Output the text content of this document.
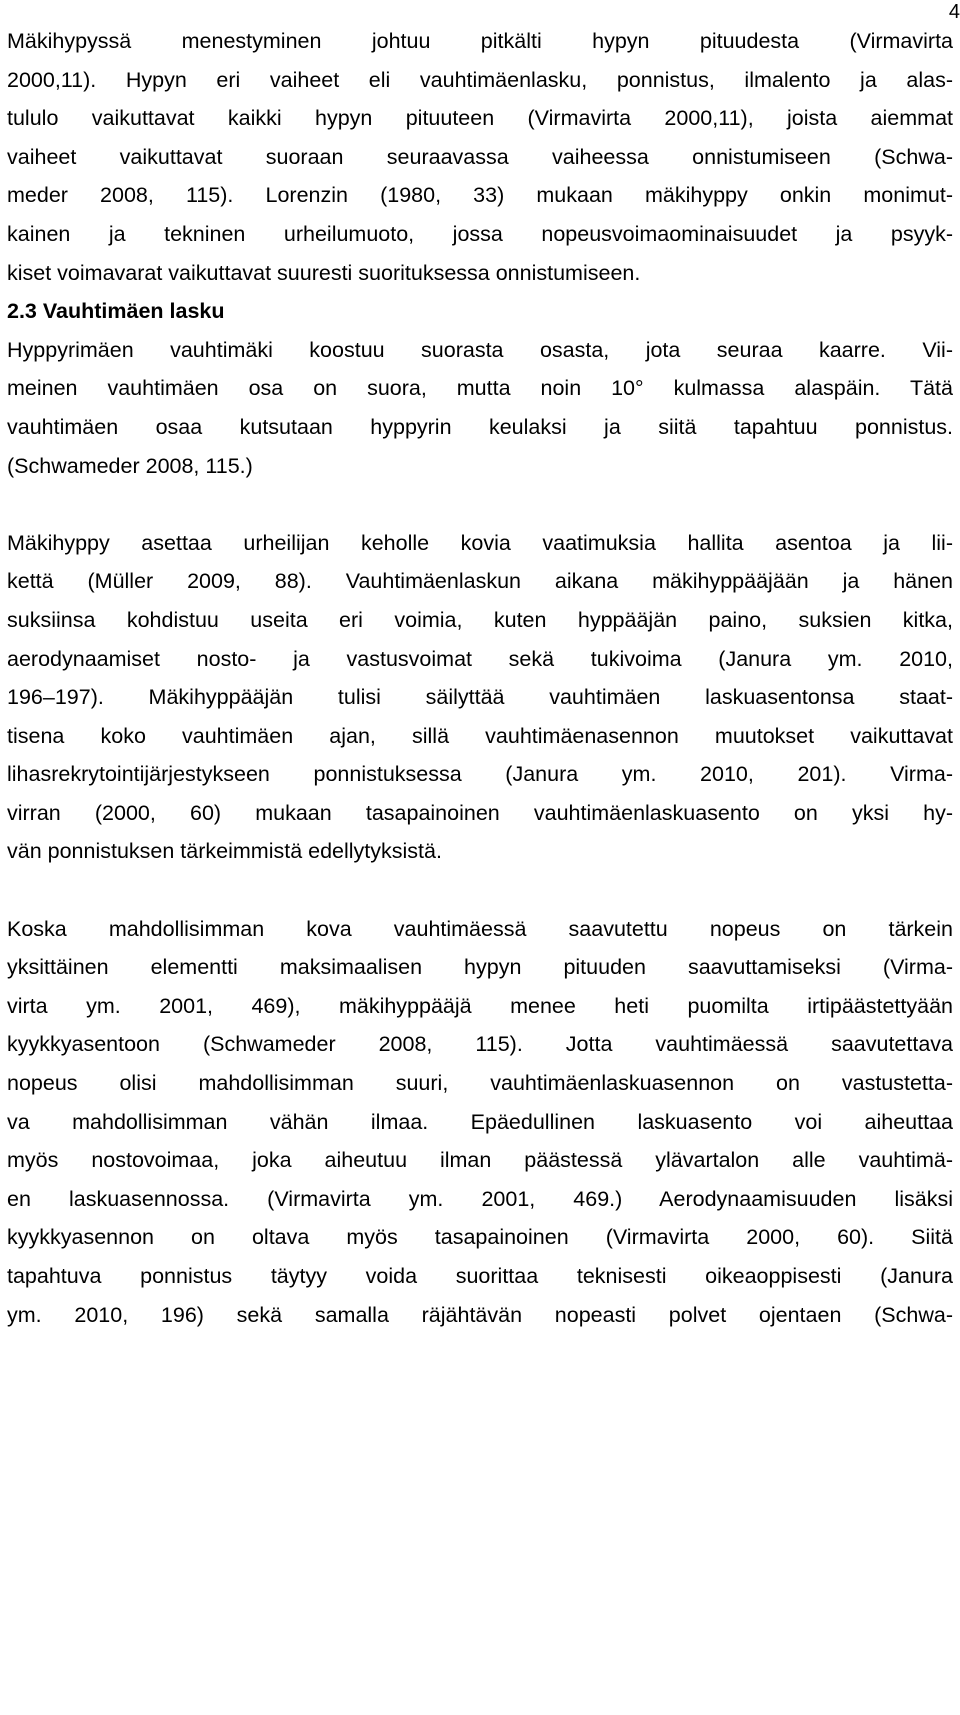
4
Mäkihypyssä menestyminen johtuu pitkälti hypyn pituudesta (Virmavirta
2000,11). Hypyn eri vaiheet eli vauhtimäenlasku, ponnistus, ilmalento ja alas-
tululo vaikuttavat kaikki hypyn pituuteen (Virmavirta 2000,11), joista aiemmat
vaiheet vaikuttavat suoraan seuraavassa vaiheessa onnistumiseen (Schwa-
meder 2008, 115). Lorenzin (1980, 33) mukaan mäkihyppy onkin monimut-
kainen ja tekninen urheilumuoto, jossa nopeusvoimaominaisuudet ja psyyk-
kiset voimavarat vaikuttavat suuresti suorituksessa onnistumiseen.
2.3 Vauhtimäen lasku
Hyppyrimäen vauhtimäki koostuu suorasta osasta, jota seuraa kaarre. Vii-
meinen vauhtimäen osa on suora, mutta noin 10° kulmassa alaspäin. Tätä
vauhtimäen osaa kutsutaan hyppyrin keulaksi ja siitä tapahtuu ponnistus.
(Schwameder 2008, 115.)
Mäkihyppy asettaa urheilijan keholle kovia vaatimuksia hallita asentoa ja lii-
kettä (Müller 2009, 88). Vauhtimäenlaskun aikana mäkihyppääjään ja hänen
suksiinsa kohdistuu useita eri voimia, kuten hyppääjän paino, suksien kitka,
aerodynaamiset nosto- ja vastusvoimat sekä tukivoima (Janura ym. 2010,
196–197). Mäkihyppääjän tulisi säilyttää vauhtimäen laskuasentonsa staat-
tisena koko vauhtimäen ajan, sillä vauhtimäenasennon muutokset vaikuttavat
lihasrekrytointijärjestykseen ponnistuksessa (Janura ym. 2010, 201). Virma-
virran (2000, 60) mukaan tasapainoinen vauhtimäenlaskuasento on yksi hy-
vän ponnistuksen tärkeimmistä edellytyksistä.
Koska mahdollisimman kova vauhtimäessä saavutettu nopeus on tärkein
yksittäinen elementti maksimaalisen hypyn pituuden saavuttamiseksi (Virma-
virta ym. 2001, 469), mäkihyppääjä menee heti puomilta irtipäästettyään
kyykkyasentoon (Schwameder 2008, 115). Jotta vauhtimäessä saavutettava
nopeus olisi mahdollisimman suuri, vauhtimäenlaskuasennon on vastustetta-
va mahdollisimman vähän ilmaa. Epäedullinen laskuasento voi aiheuttaa
myös nostovoimaa, joka aiheutuu ilman päästessä ylävartalon alle vauhtimä-
en laskuasennossa. (Virmavirta ym. 2001, 469.) Aerodynaamisuuden lisäksi
kyykkyasennon on oltava myös tasapainoinen (Virmavirta 2000, 60). Siitä
tapahtuva ponnistus täytyy voida suorittaa teknisesti oikeaoppisesti (Janura
ym. 2010, 196) sekä samalla räjähtävän nopeasti polvet ojentaen (Schwa-
